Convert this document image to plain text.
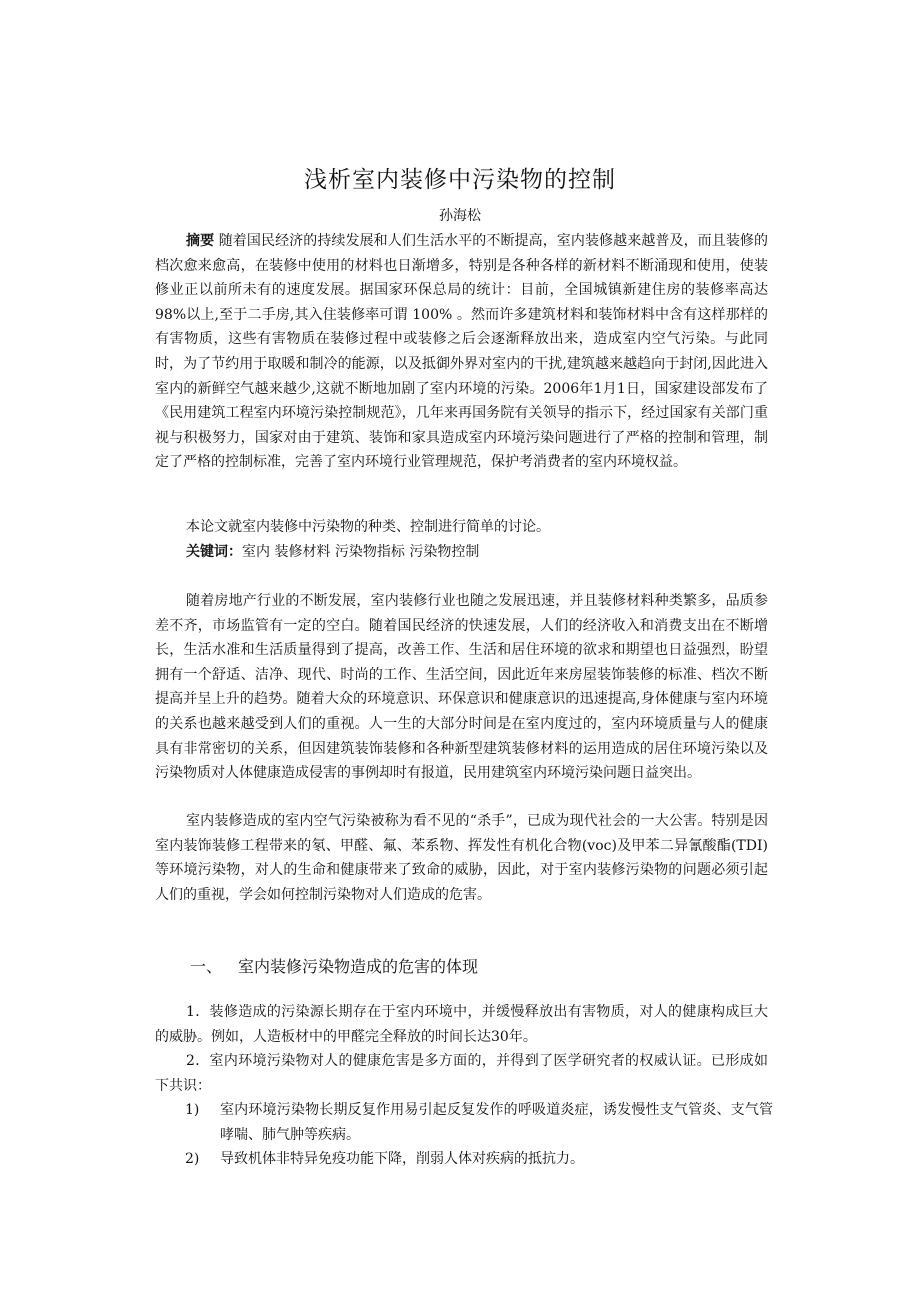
浅析室内装修中污染物的控制
孙海松

摘要 随着国民经济的持续发展和人们生活水平的不断提高，室内装修越来越普及，而且装修的档次愈来愈高，在装修中使用的材料也日渐增多，特别是各种各样的新材料不断涌现和使用，使装修业正以前所未有的速度发展。据国家环保总局的统计：目前，全国城镇新建住房的装修率高达98%以上,至于二手房,其入住装修率可谓 100% 。然而许多建筑材料和装饰材料中含有这样那样的有害物质，这些有害物质在装修过程中或装修之后会逐渐释放出来，造成室内空气污染。与此同时，为了节约用于取暖和制冷的能源，以及抵御外界对室内的干扰,建筑越来越趋向于封闭,因此进入室内的新鲜空气越来越少,这就不断地加剧了室内环境的污染。2006年1月1日，国家建设部发布了《民用建筑工程室内环境污染控制规范》，几年来再国务院有关领导的指示下，经过国家有关部门重视与积极努力，国家对由于建筑、装饰和家具造成室内环境污染问题进行了严格的控制和管理，制定了严格的控制标准，完善了室内环境行业管理规范，保护考消费者的室内环境权益。

本论文就室内装修中污染物的种类、控制进行简单的讨论。

关键词：室内 装修材料 污染物指标 污染物控制

随着房地产行业的不断发展，室内装修行业也随之发展迅速，并且装修材料种类繁多，品质参差不齐，市场监管有一定的空白。随着国民经济的快速发展，人们的经济收入和消费支出在不断增长，生活水准和生活质量得到了提高，改善工作、生活和居住环境的欲求和期望也日益强烈，盼望拥有一个舒适、洁净、现代、时尚的工作、生活空间，因此近年来房屋装饰装修的标准、档次不断提高并呈上升的趋势。随着大众的环境意识、环保意识和健康意识的迅速提高,身体健康与室内环境的关系也越来越受到人们的重视。人一生的大部分时间是在室内度过的，室内环境质量与人的健康具有非常密切的关系，但因建筑装饰装修和各种新型建筑装修材料的运用造成的居住环境污染以及污染物质对人体健康造成侵害的事例却时有报道，民用建筑室内环境污染问题日益突出。

室内装修造成的室内空气污染被称为看不见的“杀手”，已成为现代社会的一大公害。特别是因室内装饰装修工程带来的氡、甲醛、氟、苯系物、挥发性有机化合物(voc)及甲苯二异氰酸酯(TDI)等环境污染物，对人的生命和健康带来了致命的威胁，因此，对于室内装修污染物的问题必须引起人们的重视，学会如何控制污染物对人们造成的危害。

一、 室内装修污染物造成的危害的体现

1．装修造成的污染源长期存在于室内环境中，并缓慢释放出有害物质，对人的健康构成巨大的威胁。例如，人造板材中的甲醛完全释放的时间长达30年。

2．室内环境污染物对人的健康危害是多方面的，并得到了医学研究者的权威认证。已形成如下共识：

1)	室内环境污染物长期反复作用易引起反复发作的呼吸道炎症，诱发慢性支气管炎、支气管哮喘、肺气肿等疾病。
2)	导致机体非特异免疫功能下降，削弱人体对疾病的抵抗力。
